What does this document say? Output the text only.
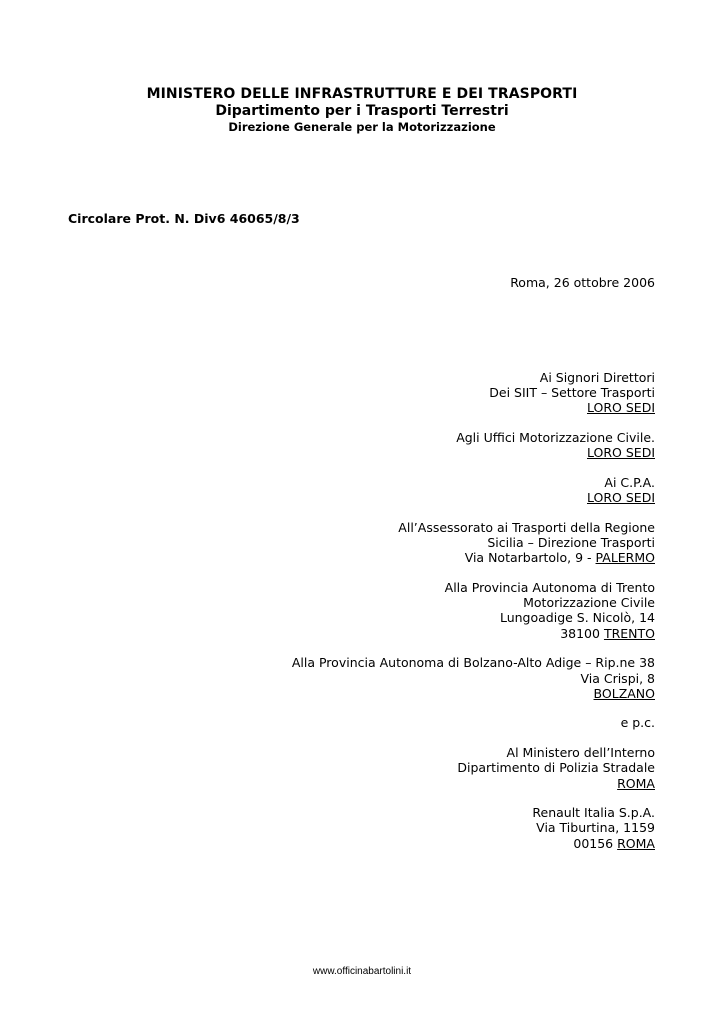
MINISTERO DELLE INFRASTRUTTURE E DEI TRASPORTI
Dipartimento per i Trasporti Terrestri
Direzione Generale per la Motorizzazione
Circolare Prot. N. Div6 46065/8/3
Roma, 26 ottobre 2006
Ai Signori Direttori
Dei SIIT – Settore Trasporti
LORO SEDI
Agli Uffici Motorizzazione Civile.
LORO SEDI
Ai C.P.A.
LORO SEDI
All’Assessorato ai Trasporti della Regione
Sicilia – Direzione Trasporti
Via Notarbartolo, 9 - PALERMO
Alla Provincia Autonoma di Trento
Motorizzazione Civile
Lungoadige S. Nicolò, 14
38100 TRENTO
Alla Provincia Autonoma di Bolzano-Alto Adige – Rip.ne 38
Via Crispi, 8
BOLZANO
e p.c.
Al Ministero dell’Interno
Dipartimento di Polizia Stradale
ROMA
Renault Italia S.p.A.
Via Tiburtina, 1159
00156 ROMA
www.officinabartolini.it
